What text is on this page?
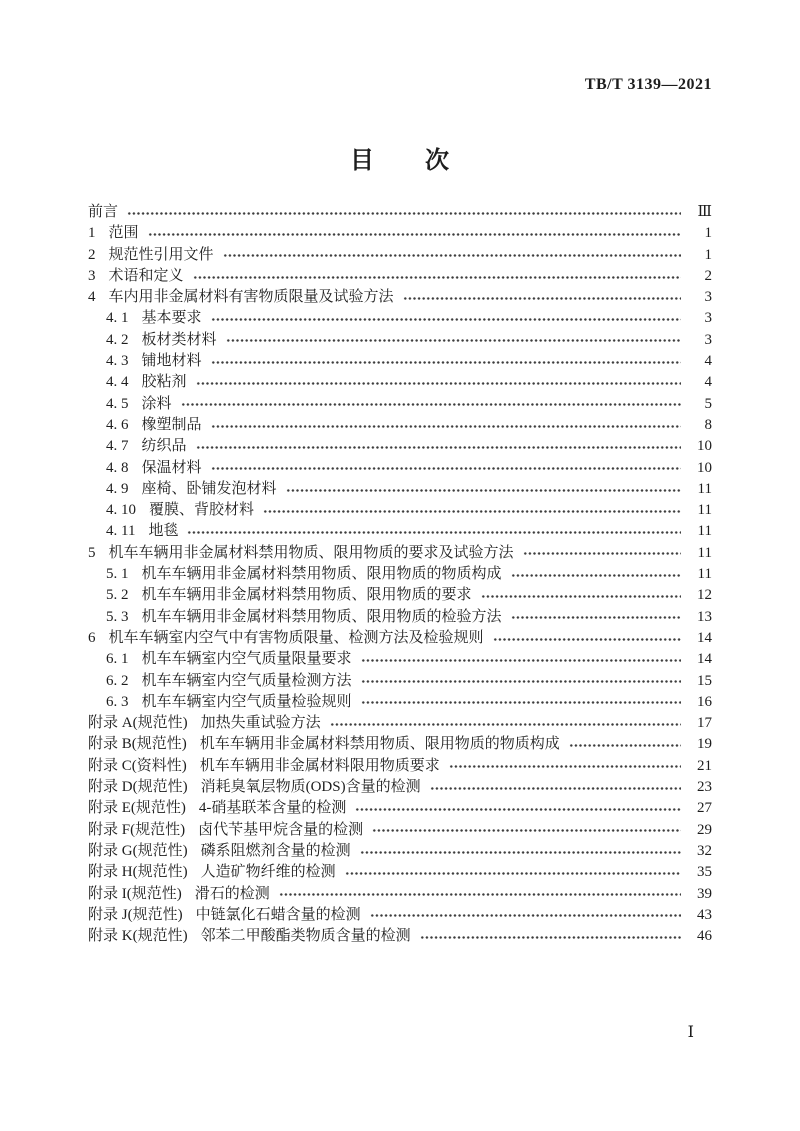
TB/T 3139—2021
目　　次
前言	Ⅲ
1 范围	1
2 规范性引用文件	1
3 术语和定义	2
4 车内用非金属材料有害物质限量及试验方法	3
4. 1 基本要求	3
4. 2 板材类材料	3
4. 3 铺地材料	4
4. 4 胶粘剂	4
4. 5 涂料	5
4. 6 橡塑制品	8
4. 7 纺织品	10
4. 8 保温材料	10
4. 9 座椅、卧铺发泡材料	11
4. 10 覆膜、背胶材料	11
4. 11 地毯	11
5 机车车辆用非金属材料禁用物质、限用物质的要求及试验方法	11
5. 1 机车车辆用非金属材料禁用物质、限用物质的物质构成	11
5. 2 机车车辆用非金属材料禁用物质、限用物质的要求	12
5. 3 机车车辆用非金属材料禁用物质、限用物质的检验方法	13
6 机车车辆室内空气中有害物质限量、检测方法及检验规则	14
6. 1 机车车辆室内空气质量限量要求	14
6. 2 机车车辆室内空气质量检测方法	15
6. 3 机车车辆室内空气质量检验规则	16
附录 A(规范性) 加热失重试验方法	17
附录 B(规范性) 机车车辆用非金属材料禁用物质、限用物质的物质构成	19
附录 C(资料性) 机车车辆用非金属材料限用物质要求	21
附录 D(规范性) 消耗臭氧层物质(ODS)含量的检测	23
附录 E(规范性) 4-硝基联苯含量的检测	27
附录 F(规范性) 卤代苄基甲烷含量的检测	29
附录 G(规范性) 磷系阻燃剂含量的检测	32
附录 H(规范性) 人造矿物纤维的检测	35
附录 I(规范性) 滑石的检测	39
附录 J(规范性) 中链氯化石蜡含量的检测	43
附录 K(规范性) 邻苯二甲酸酯类物质含量的检测	46
Ⅰ
